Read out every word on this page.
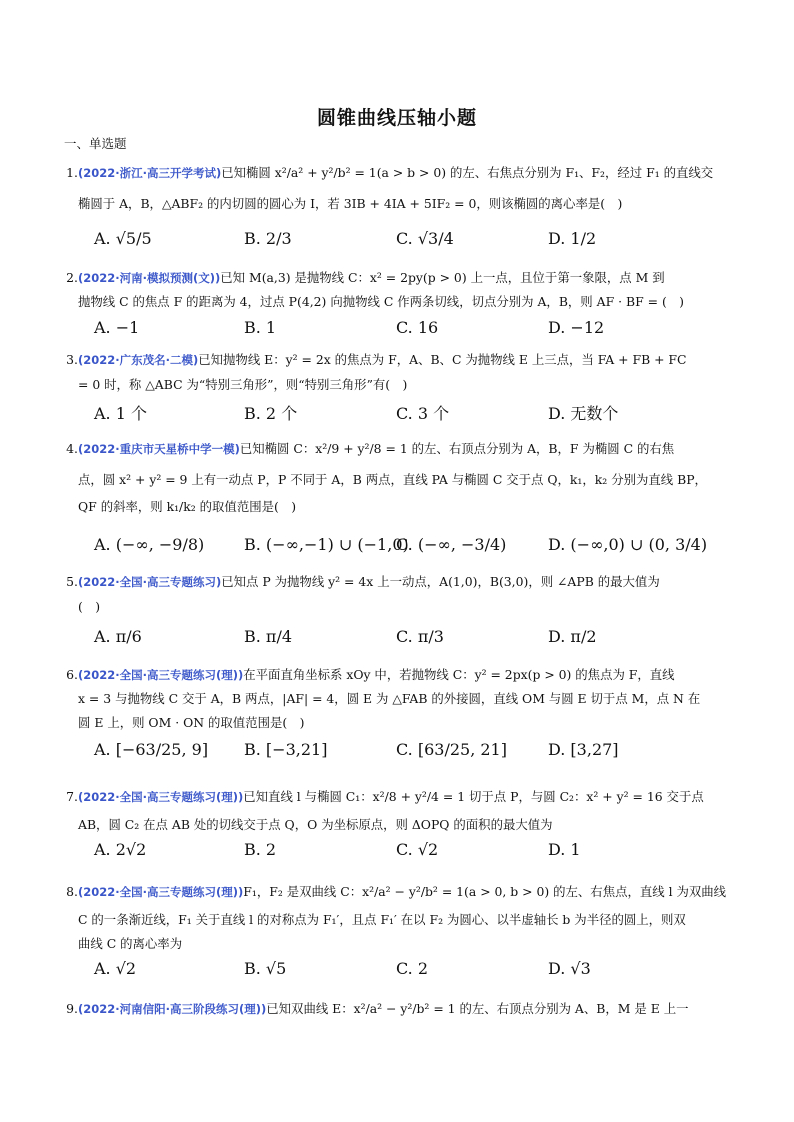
圆锥曲线压轴小题
一、单选题
1.(2022·浙江·高三开学考试)已知椭圆 x²/a² + y²/b² = 1(a > b > 0) 的左、右焦点分别为 F₁、F₂，经过 F₁ 的直线交
椭圆于 A，B，△ABF₂ 的内切圆的圆心为 I，若 3IB + 4IA + 5IF₂ = 0，则该椭圆的离心率是(　)
A. √5/5	B. 2/3	C. √3/4	D. 1/2
2.(2022·河南·模拟预测(文))已知 M(a,3) 是抛物线 C：x² = 2py(p > 0) 上一点，且位于第一象限，点 M 到
抛物线 C 的焦点 F 的距离为 4，过点 P(4,2) 向抛物线 C 作两条切线，切点分别为 A，B，则 AF · BF = (　)
A. −1	B. 1	C. 16	D. −12
3.(2022·广东茂名·二模)已知抛物线 E：y² = 2x 的焦点为 F，A、B、C 为抛物线 E 上三点，当 FA + FB + FC
= 0 时，称 △ABC 为“特别三角形”，则“特别三角形”有(　)
A. 1 个	B. 2 个	C. 3 个	D. 无数个
4.(2022·重庆市天星桥中学一模)已知椭圆 C：x²/9 + y²/8 = 1 的左、右顶点分别为 A，B，F 为椭圆 C 的右焦
点，圆 x² + y² = 9 上有一动点 P，P 不同于 A，B 两点，直线 PA 与椭圆 C 交于点 Q，k₁，k₂ 分别为直线 BP，
QF 的斜率，则 k₁/k₂ 的取值范围是(　)
A. (−∞, −9/8) B. (−∞,−1) ∪ (−1,0)
C. (−∞, −3/4)	D. (−∞,0) ∪ (0, 3/4)
5.(2022·全国·高三专题练习)已知点 P 为抛物线 y² = 4x 上一动点，A(1,0)，B(3,0)，则 ∠APB 的最大值为
(　)
A. π/6	B. π/4	C. π/3	D. π/2
6.(2022·全国·高三专题练习(理))在平面直角坐标系 xOy 中，若抛物线 C：y² = 2px(p > 0) 的焦点为 F，直线
x = 3 与抛物线 C 交于 A，B 两点，|AF| = 4，圆 E 为 △FAB 的外接圆，直线 OM 与圆 E 切于点 M，点 N 在
圆 E 上，则 OM · ON 的取值范围是(　)
A. [−63/25, 9] B. [−3,21]	C. [63/25, 21]	D. [3,27]
7.(2022·全国·高三专题练习(理))已知直线 l 与椭圆 C₁：x²/8 + y²/4 = 1 切于点 P，与圆 C₂：x² + y² = 16 交于点
AB，圆 C₂ 在点 AB 处的切线交于点 Q，O 为坐标原点，则 ΔOPQ 的面积的最大值为
A. 2√2	B. 2	C. √2	D. 1
8.(2022·全国·高三专题练习(理))F₁，F₂ 是双曲线 C：x²/a² − y²/b² = 1(a > 0, b > 0) 的左、右焦点，直线 l 为双曲线
C 的一条渐近线，F₁ 关于直线 l 的对称点为 F₁′，且点 F₁′ 在以 F₂ 为圆心、以半虚轴长 b 为半径的圆上，则双
曲线 C 的离心率为
A. √2	B. √5	C. 2	D. √3
9.(2022·河南信阳·高三阶段练习(理))已知双曲线 E：x²/a² − y²/b² = 1 的左、右顶点分别为 A、B，M 是 E 上一
